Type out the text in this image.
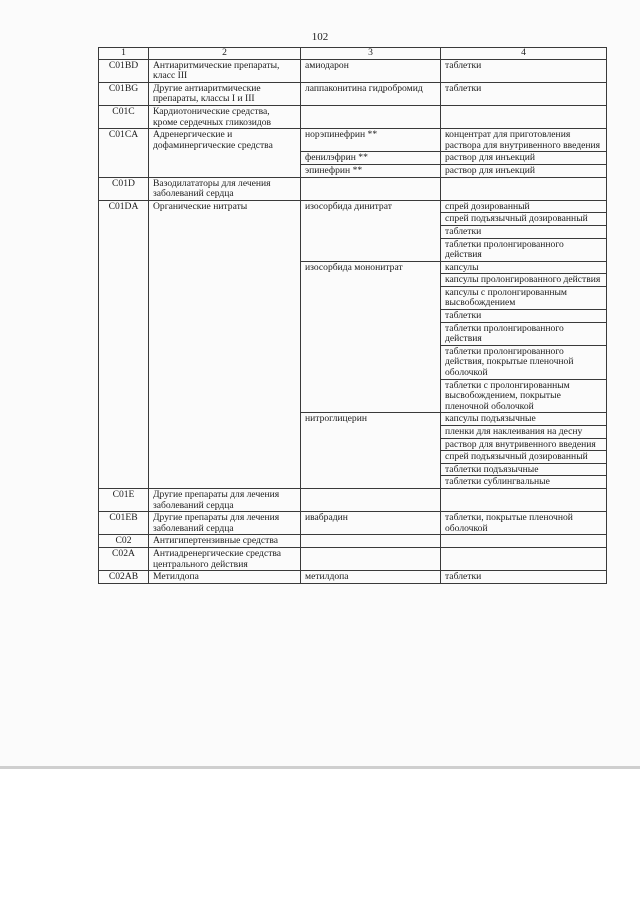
102
1	2	3	4
C01BD	Антиаритмические препараты, класс III	амиодарон	таблетки
C01BG	Другие антиаритмические препараты, классы I и III	лаппаконитина гидробромид	таблетки
C01C	Кардиотонические средства, кроме сердечных гликозидов		
C01CA	Адренергические и дофаминергические средства	норэпинефрин **	концентрат для приготовления раствора для внутривенного введения
		фенилэфрин **	раствор для инъекций
		эпинефрин **	раствор для инъекций
C01D	Вазодилататоры для лечения заболеваний сердца		
C01DA	Органические нитраты	изосорбида динитрат	спрей дозированный
			спрей подъязычный дозированный
			таблетки
			таблетки пролонгированного действия
		изосорбида мононитрат	капсулы
			капсулы пролонгированного действия
			капсулы с пролонгированным высвобождением
			таблетки
			таблетки пролонгированного действия
			таблетки пролонгированного действия, покрытые пленочной оболочкой
			таблетки с пролонгированным высвобождением, покрытые пленочной оболочкой
		нитроглицерин	капсулы подъязычные
			пленки для наклеивания на десну
			раствор для внутривенного введения
			спрей подъязычный дозированный
			таблетки подъязычные
			таблетки сублингвальные
C01E	Другие препараты для лечения заболеваний сердца		
C01EB	Другие препараты для лечения заболеваний сердца	ивабрадин	таблетки, покрытые пленочной оболочкой
C02	Антигипертензивные средства		
C02A	Антиадренергические средства центрального действия		
C02AB	Метилдопа	метилдопа	таблетки
